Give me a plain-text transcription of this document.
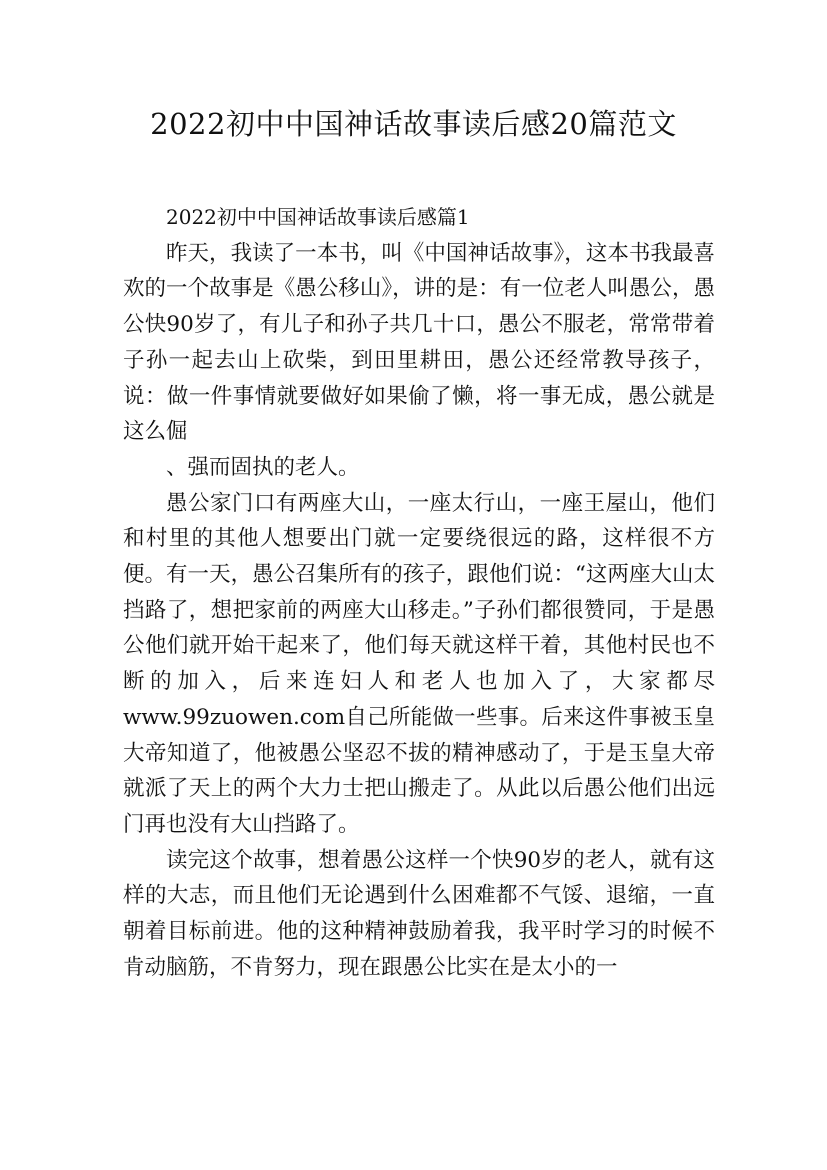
2022初中中国神话故事读后感20篇范文

2022初中中国神话故事读后感篇1

昨天，我读了一本书，叫《中国神话故事》，这本书我最喜欢的一个故事是《愚公移山》，讲的是：有一位老人叫愚公，愚公快90岁了，有儿子和孙子共几十口，愚公不服老，常常带着子孙一起去山上砍柴，到田里耕田，愚公还经常教导孩子，说：做一件事情就要做好如果偷了懒，将一事无成，愚公就是这么倔

、强而固执的老人。

愚公家门口有两座大山，一座太行山，一座王屋山，他们和村里的其他人想要出门就一定要绕很远的路，这样很不方便。有一天，愚公召集所有的孩子，跟他们说：“这两座大山太挡路了，想把家前的两座大山移走。”子孙们都很赞同，于是愚公他们就开始干起来了，他们每天就这样干着，其他村民也不断的加入，后来连妇人和老人也加入了，大家都尽www.99zuowen.com自己所能做一些事。后来这件事被玉皇大帝知道了，他被愚公坚忍不拔的精神感动了，于是玉皇大帝就派了天上的两个大力士把山搬走了。从此以后愚公他们出远门再也没有大山挡路了。

读完这个故事，想着愚公这样一个快90岁的老人，就有这样的大志，而且他们无论遇到什么困难都不气馁、退缩，一直朝着目标前进。他的这种精神鼓励着我，我平时学习的时候不肯动脑筋，不肯努力，现在跟愚公比实在是太小的一
